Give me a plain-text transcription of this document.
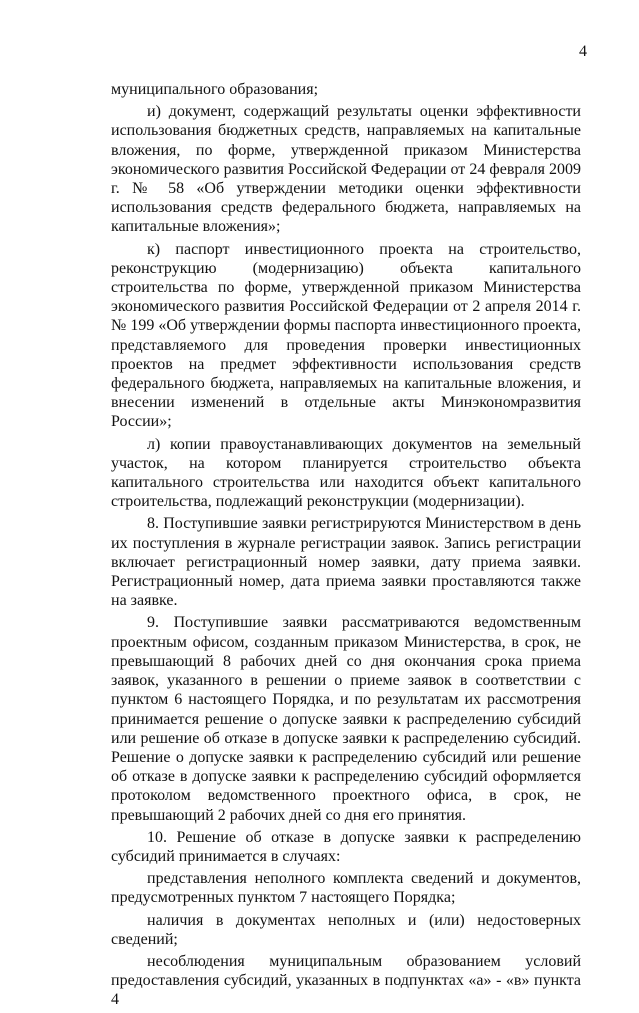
4

муниципального образования;

и) документ, содержащий результаты оценки эффективности использования бюджетных средств, направляемых на капитальные вложения, по форме, утвержденной приказом Министерства экономического развития Российской Федерации от 24 февраля 2009 г. № 58 «Об утверждении методики оценки эффективности использования средств федерального бюджета, направляемых на капитальные вложения»;

к) паспорт инвестиционного проекта на строительство, реконструкцию (модернизацию) объекта капитального строительства по форме, утвержденной приказом Министерства экономического развития Российской Федерации от 2 апреля 2014 г. № 199 «Об утверждении формы паспорта инвестиционного проекта, представляемого для проведения проверки инвестиционных проектов на предмет эффективности использования средств федерального бюджета, направляемых на капитальные вложения, и внесении изменений в отдельные акты Минэкономразвития России»;

л) копии правоустанавливающих документов на земельный участок, на котором планируется строительство объекта капитального строительства или находится объект капитального строительства, подлежащий реконструкции (модернизации).

8. Поступившие заявки регистрируются Министерством в день их поступления в журнале регистрации заявок. Запись регистрации включает регистрационный номер заявки, дату приема заявки. Регистрационный номер, дата приема заявки проставляются также на заявке.

9. Поступившие заявки рассматриваются ведомственным проектным офисом, созданным приказом Министерства, в срок, не превышающий 8 рабочих дней со дня окончания срока приема заявок, указанного в решении о приеме заявок в соответствии с пунктом 6 настоящего Порядка, и по результатам их рассмотрения принимается решение о допуске заявки к распределению субсидий или решение об отказе в допуске заявки к распределению субсидий. Решение о допуске заявки к распределению субсидий или решение об отказе в допуске заявки к распределению субсидий оформляется протоколом ведомственного проектного офиса, в срок, не превышающий 2 рабочих дней со дня его принятия.

10. Решение об отказе в допуске заявки к распределению субсидий принимается в случаях:

представления неполного комплекта сведений и документов, предусмотренных пунктом 7 настоящего Порядка;

наличия в документах неполных и (или) недостоверных сведений;

несоблюдения муниципальным образованием условий предоставления субсидий, указанных в подпунктах «а» - «в» пункта 4
